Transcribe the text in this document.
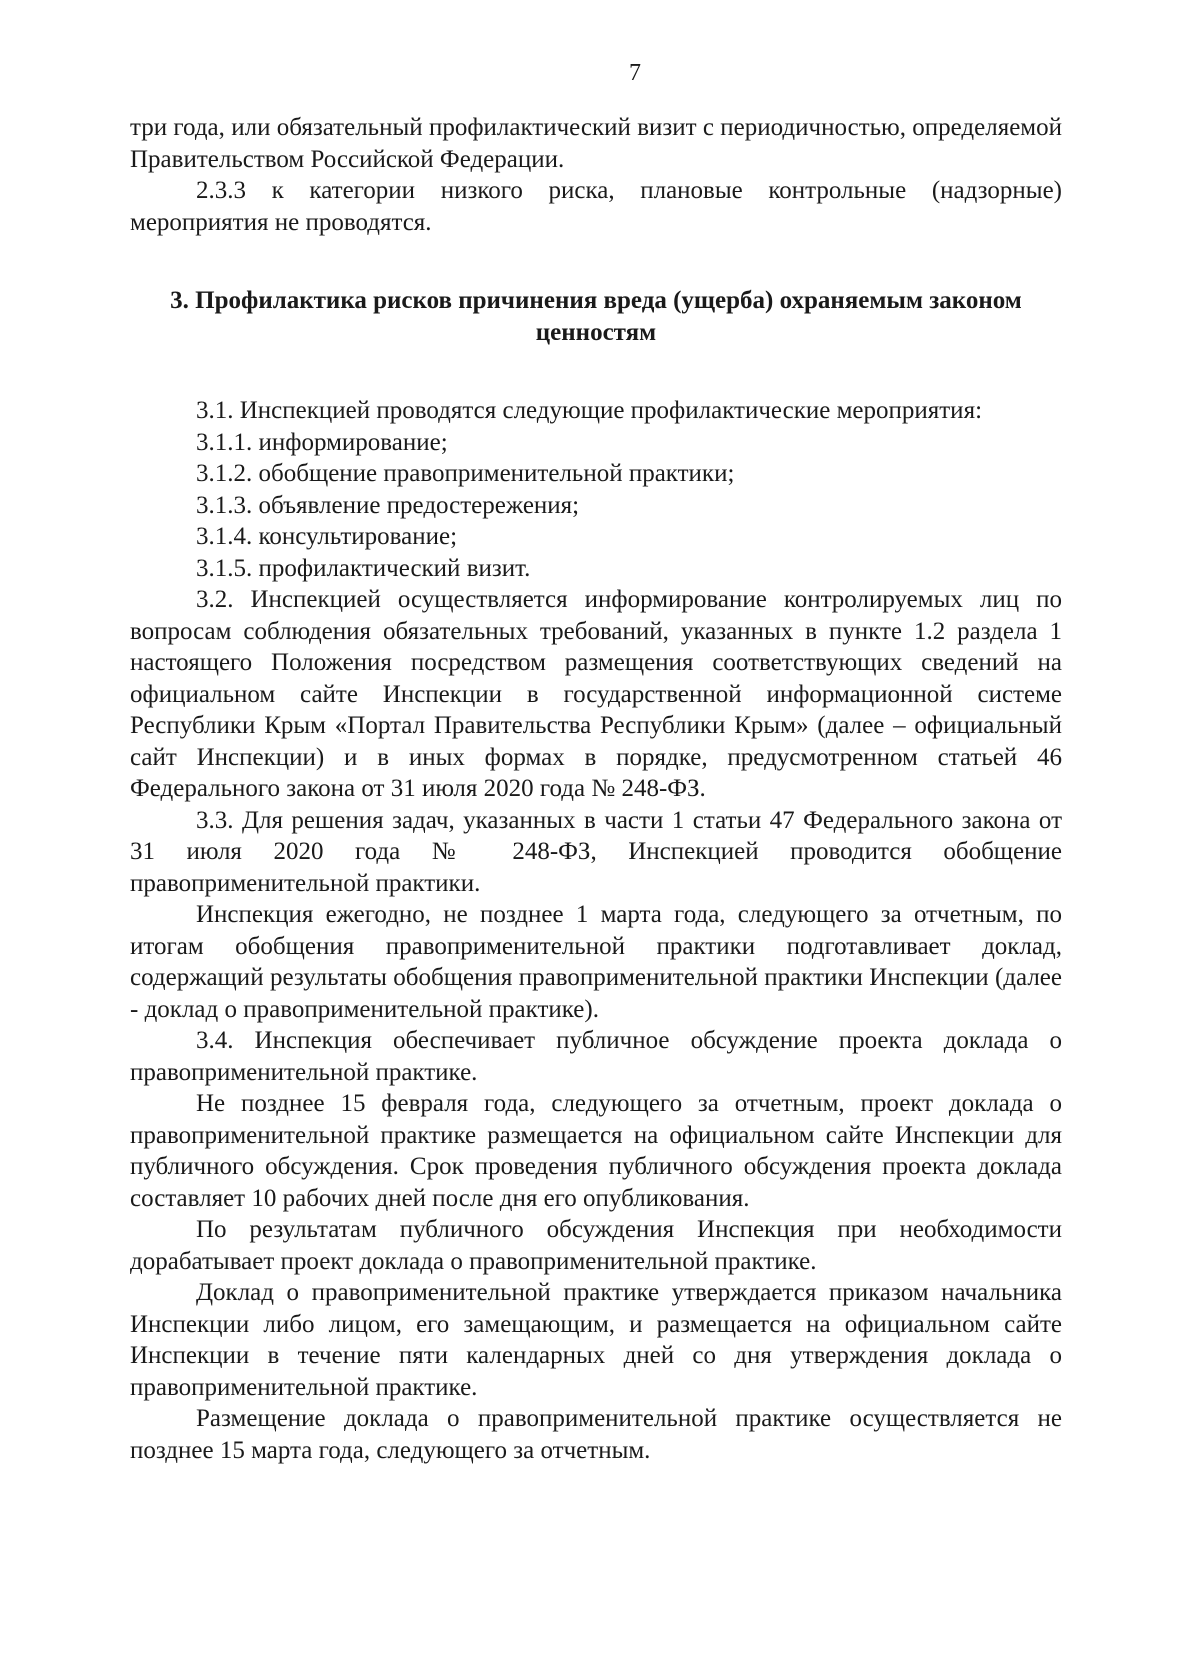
7

три года, или обязательный профилактический визит с периодичностью, определяемой Правительством Российской Федерации.

2.3.3 к категории низкого риска, плановые контрольные (надзорные) мероприятия не проводятся.

3. Профилактика рисков причинения вреда (ущерба) охраняемым законом ценностям

3.1. Инспекцией проводятся следующие профилактические мероприятия:

3.1.1. информирование;

3.1.2. обобщение правоприменительной практики;

3.1.3. объявление предостережения;

3.1.4. консультирование;

3.1.5. профилактический визит.

3.2. Инспекцией осуществляется информирование контролируемых лиц по вопросам соблюдения обязательных требований, указанных в пункте 1.2 раздела 1 настоящего Положения посредством размещения соответствующих сведений на официальном сайте Инспекции в государственной информационной системе Республики Крым «Портал Правительства Республики Крым» (далее – официальный сайт Инспекции) и в иных формах в порядке, предусмотренном статьей 46 Федерального закона от 31 июля 2020 года № 248-ФЗ.

3.3. Для решения задач, указанных в части 1 статьи 47 Федерального закона от 31 июля 2020 года № 248-ФЗ, Инспекцией проводится обобщение правоприменительной практики.

Инспекция ежегодно, не позднее 1 марта года, следующего за отчетным, по итогам обобщения правоприменительной практики подготавливает доклад, содержащий результаты обобщения правоприменительной практики Инспекции (далее - доклад о правоприменительной практике).

3.4. Инспекция обеспечивает публичное обсуждение проекта доклада о правоприменительной практике.

Не позднее 15 февраля года, следующего за отчетным, проект доклада о правоприменительной практике размещается на официальном сайте Инспекции для публичного обсуждения. Срок проведения публичного обсуждения проекта доклада составляет 10 рабочих дней после дня его опубликования.

По результатам публичного обсуждения Инспекция при необходимости дорабатывает проект доклада о правоприменительной практике.

Доклад о правоприменительной практике утверждается приказом начальника Инспекции либо лицом, его замещающим, и размещается на официальном сайте Инспекции в течение пяти календарных дней со дня утверждения доклада о правоприменительной практике.

Размещение доклада о правоприменительной практике осуществляется не позднее 15 марта года, следующего за отчетным.
